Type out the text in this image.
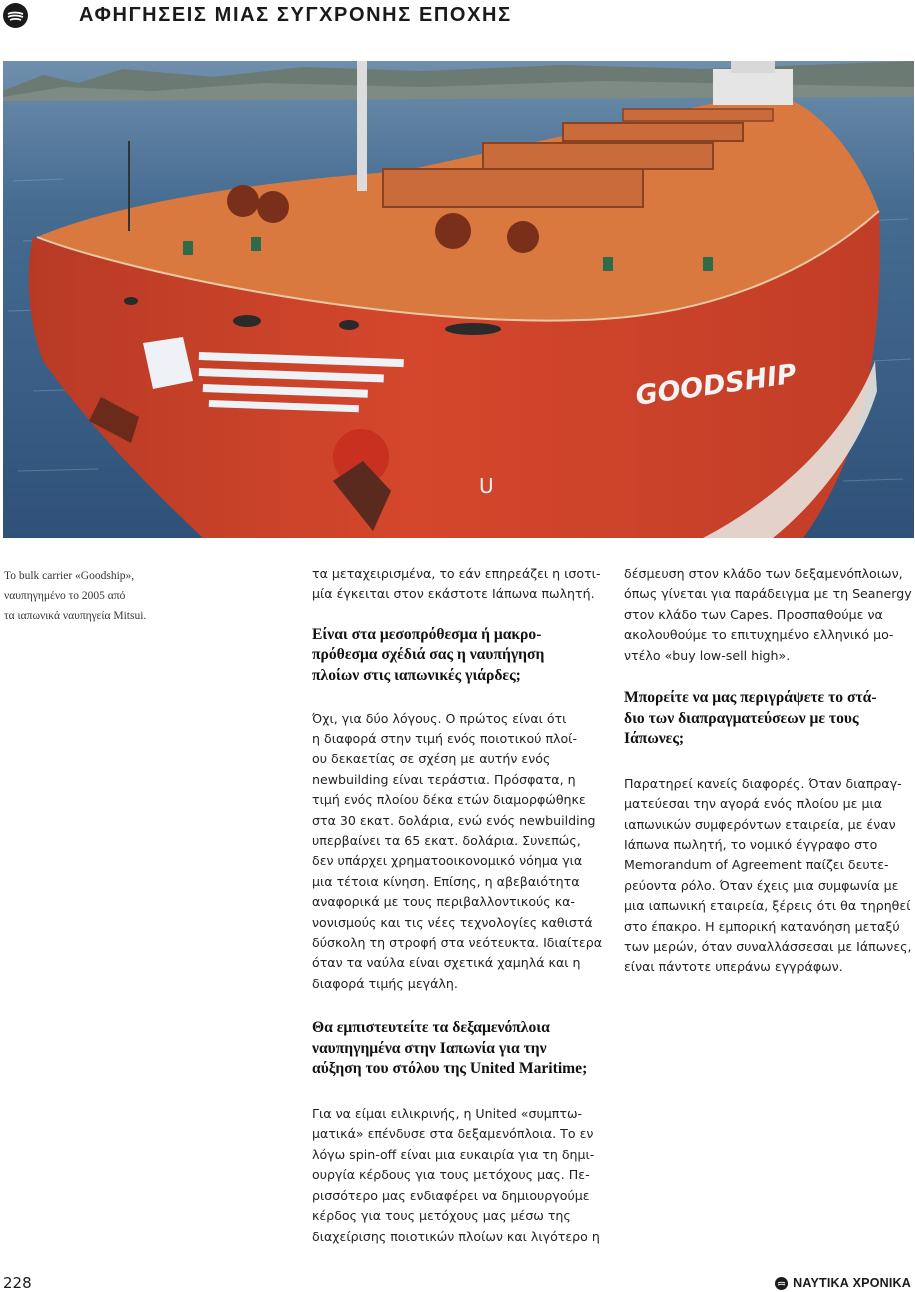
ΑΦΗΓΗΣΕΙΣ ΜΙΑΣ ΣΥΓΧΡΟΝΗΣ ΕΠΟΧΗΣ
GOODSHIP
U
Το bulk carrier «Goodship»,
ναυπηγημένο το 2005 από
τα ιαπωνικά ναυπηγεία Mitsui.
τα μεταχειρισμένα, το εάν επηρεάζει η ισοτι-
μία έγκειται στον εκάστοτε Ιάπωνα πωλητή.
Είναι στα μεσοπρόθεσμα ή μακρο-
πρόθεσμα σχέδιά σας η ναυπήγηση
πλοίων στις ιαπωνικές γιάρδες;
Όχι, για δύο λόγους. Ο πρώτος είναι ότι
η διαφορά στην τιμή ενός ποιοτικού πλοί-
ου δεκαετίας σε σχέση με αυτήν ενός
newbuilding είναι τεράστια. Πρόσφατα, η
τιμή ενός πλοίου δέκα ετών διαμορφώθηκε
στα 30 εκατ. δολάρια, ενώ ενός newbuilding
υπερβαίνει τα 65 εκατ. δολάρια. Συνεπώς,
δεν υπάρχει χρηματοοικονομικό νόημα για
μια τέτοια κίνηση. Επίσης, η αβεβαιότητα
αναφορικά με τους περιβαλλοντικούς κα-
νονισμούς και τις νέες τεχνολογίες καθιστά
δύσκολη τη στροφή στα νεότευκτα. Ιδιαίτερα
όταν τα ναύλα είναι σχετικά χαμηλά και η
διαφορά τιμής μεγάλη.
Θα εμπιστευτείτε τα δεξαμενόπλοια
ναυπηγημένα στην Ιαπωνία για την
αύξηση του στόλου της United Maritime;
Για να είμαι ειλικρινής, η United «συμπτω-
ματικά» επένδυσε στα δεξαμενόπλοια. Το εν
λόγω spin-off είναι μια ευκαιρία για τη δημι-
ουργία κέρδους για τους μετόχους μας. Πε-
ρισσότερο μας ενδιαφέρει να δημιουργούμε
κέρδος για τους μετόχους μας μέσω της
διαχείρισης ποιοτικών πλοίων και λιγότερο η
δέσμευση στον κλάδο των δεξαμενόπλοιων,
όπως γίνεται για παράδειγμα με τη Seanergy
στον κλάδο των Capes. Προσπαθούμε να
ακολουθούμε το επιτυχημένο ελληνικό μο-
ντέλο «buy low-sell high».
Μπορείτε να μας περιγράψετε το στά-
διο των διαπραγματεύσεων με τους
Ιάπωνες;
Παρατηρεί κανείς διαφορές. Όταν διαπραγ-
ματεύεσαι την αγορά ενός πλοίου με μια
ιαπωνικών συμφερόντων εταιρεία, με έναν
Ιάπωνα πωλητή, το νομικό έγγραφο στο
Memorandum of Agreement παίζει δευτε-
ρεύοντα ρόλο. Όταν έχεις μια συμφωνία με
μια ιαπωνική εταιρεία, ξέρεις ότι θα τηρηθεί
στο έπακρο. Η εμπορική κατανόηση μεταξύ
των μερών, όταν συναλλάσσεσαι με Ιάπωνες,
είναι πάντοτε υπεράνω εγγράφων.
228	ΝΑΥΤΙΚΑ ΧΡΟΝΙΚΑ
